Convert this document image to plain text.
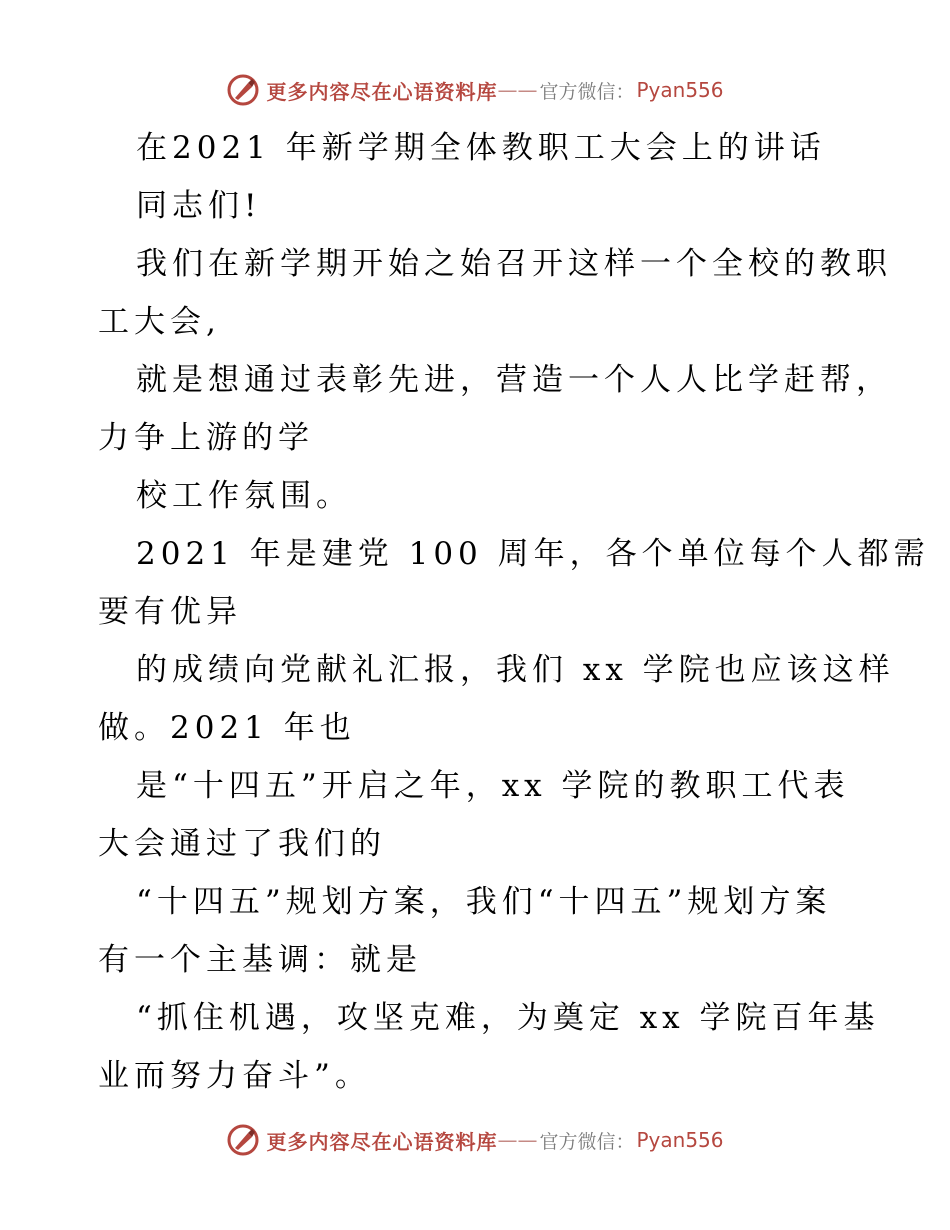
更多内容尽在心语资料库 —— 官方微信： Pyan556
在2021 年新学期全体教职工大会上的讲话
同志们!
我们在新学期开始之始召开这样一个全校的教职
工大会,
就是想通过表彰先进，营造一个人人比学赶帮，
力争上游的学
校工作氛围。
2021 年是建党 100 周年，各个单位每个人都需
要有优异
的成绩向党献礼汇报，我们 xx 学院也应该这样
做。2021 年也
是“十四五”开启之年，xx 学院的教职工代表
大会通过了我们的
“十四五”规划方案，我们“十四五”规划方案
有一个主基调：就是
“抓住机遇，攻坚克难，为奠定 xx 学院百年基
业而努力奋斗”。
更多内容尽在心语资料库 —— 官方微信： Pyan556
